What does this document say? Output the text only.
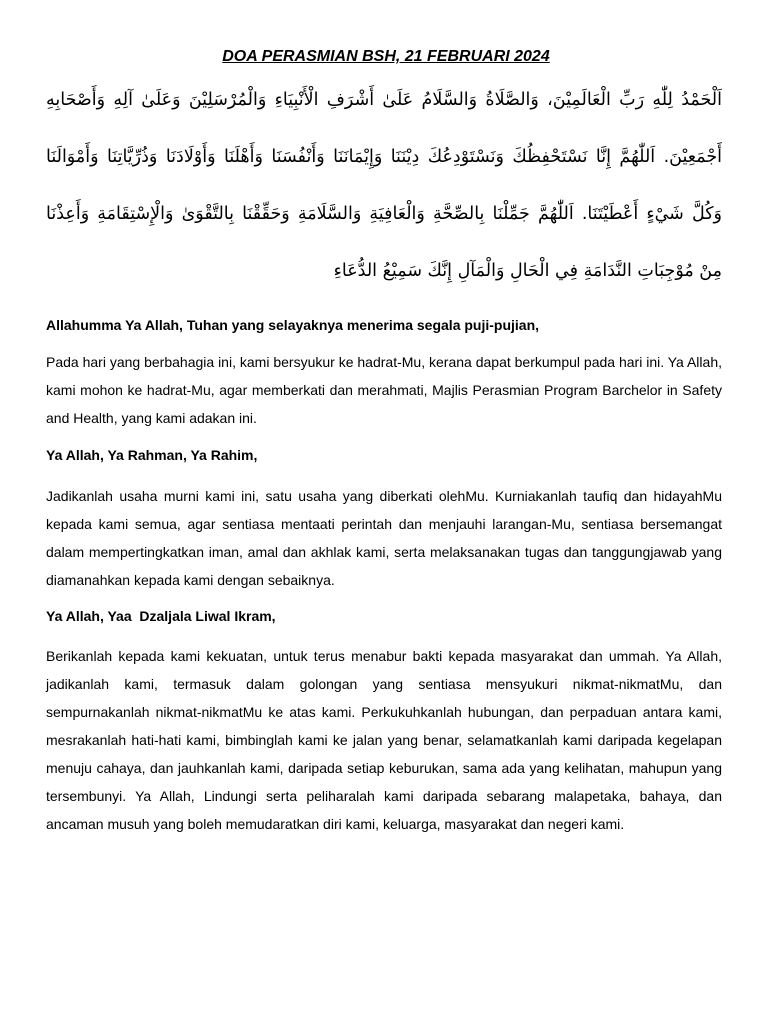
DOA PERASMIAN BSH, 21 FEBRUARI 2024

اَلْحَمْدُ لِلّٰهِ رَبِّ الْعَالَمِيْنَ، وَالصَّلَاةُ وَالسَّلَامُ عَلَىٰ أَشْرَفِ الْأَنْبِيَاءِ وَالْمُرْسَلِيْنَ وَعَلَىٰ آلِهِ وَأَصْحَابِهِ أَجْمَعِيْنَ. اَللّٰهُمَّ إِنَّا نَسْتَحْفِظُكَ وَنَسْتَوْدِعُكَ دِيْنَنَا وَإِيْمَانَنَا وَأَنْفُسَنَا وَأَهْلَنَا وَأَوْلَادَنَا وَذُرِّيَّاتِنَا وَأَمْوَالَنَا وَكُلَّ شَيْءٍ أَعْطَيْتَنَا. اَللّٰهُمَّ جَمِّلْنَا بِالصِّحَّةِ وَالْعَافِيَةِ وَالسَّلَامَةِ وَحَقِّقْنَا بِالتَّقْوَىٰ وَالْإِسْتِقَامَةِ وَأَعِذْنَا مِنْ مُوْجِبَاتِ النَّدَامَةِ فِي الْحَالِ وَالْمَآلِ إِنَّكَ سَمِيْعُ الدُّعَاءِ

Allahumma Ya Allah, Tuhan yang selayaknya menerima segala puji-pujian,

Pada hari yang berbahagia ini, kami bersyukur ke hadrat-Mu, kerana dapat berkumpul pada hari ini. Ya Allah, kami mohon ke hadrat-Mu, agar memberkati dan merahmati, Majlis Perasmian Program Barchelor in Safety and Health, yang kami adakan ini.

Ya Allah, Ya Rahman, Ya Rahim,

Jadikanlah usaha murni kami ini, satu usaha yang diberkati olehMu. Kurniakanlah taufiq dan hidayahMu kepada kami semua, agar sentiasa mentaati perintah dan menjauhi larangan-Mu, sentiasa bersemangat dalam mempertingkatkan iman, amal dan akhlak kami, serta melaksanakan tugas dan tanggungjawab yang diamanahkan kepada kami dengan sebaiknya.

Ya Allah, Yaa  Dzaljala Liwal Ikram,

Berikanlah kepada kami kekuatan, untuk terus menabur bakti kepada masyarakat dan ummah. Ya Allah, jadikanlah kami, termasuk dalam golongan yang sentiasa mensyukuri nikmat-nikmatMu, dan sempurnakanlah nikmat-nikmatMu ke atas kami. Perkukuhkanlah hubungan, dan perpaduan antara kami, mesrakanlah hati-hati kami, bimbinglah kami ke jalan yang benar, selamatkanlah kami daripada kegelapan menuju cahaya, dan jauhkanlah kami, daripada setiap keburukan, sama ada yang kelihatan, mahupun yang tersembunyi. Ya Allah, Lindungi serta peliharalah kami daripada sebarang malapetaka, bahaya, dan ancaman musuh yang boleh memudaratkan diri kami, keluarga, masyarakat dan negeri kami.
